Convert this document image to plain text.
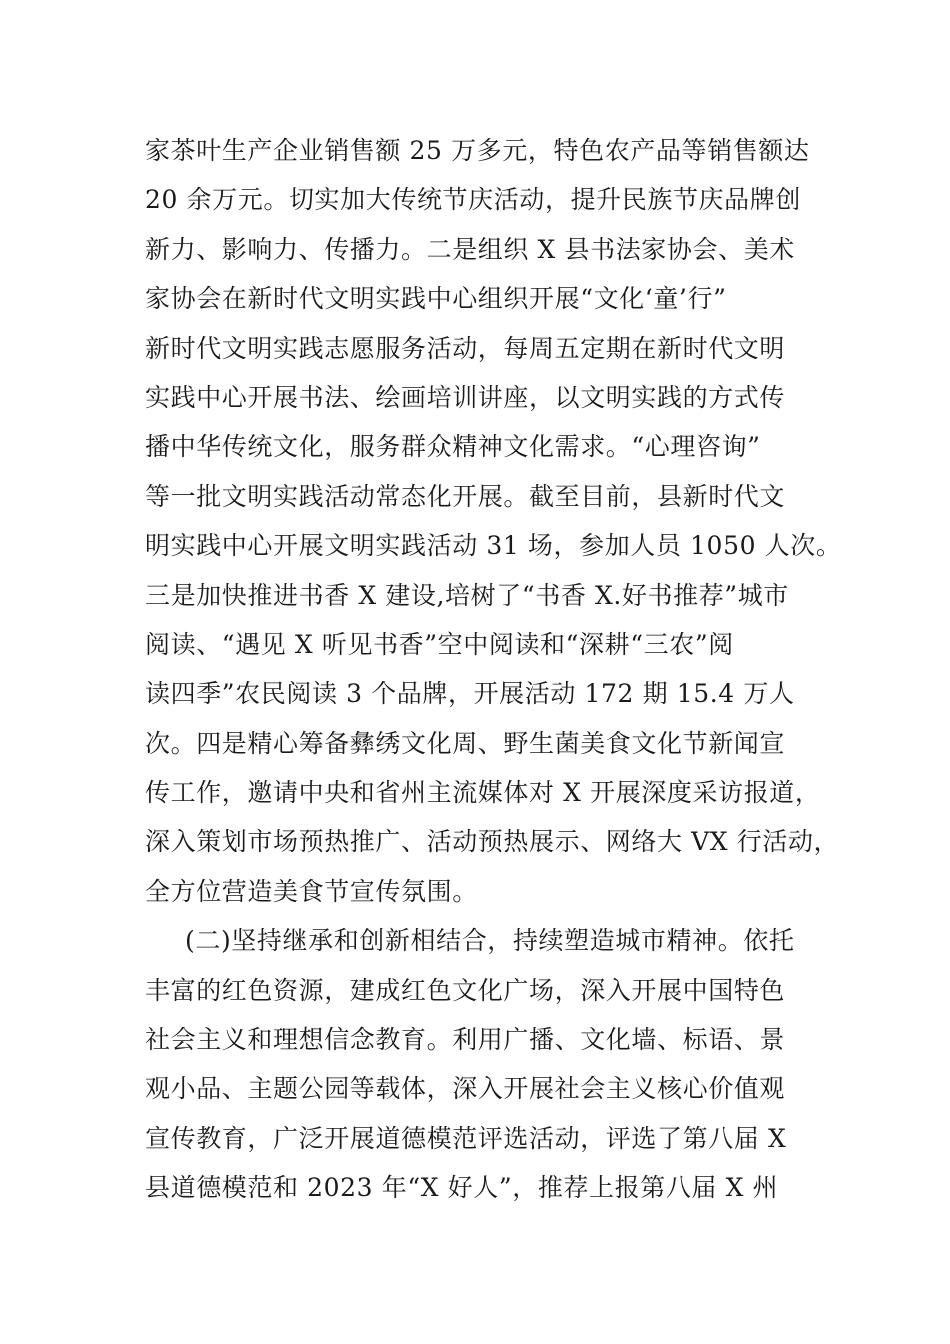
家茶叶生产企业销售额 25 万多元，特色农产品等销售额达
20 余万元。切实加大传统节庆活动，提升民族节庆品牌创
新力、影响力、传播力。二是组织 X 县书法家协会、美术
家协会在新时代文明实践中心组织开展“文化‘童’行”
新时代文明实践志愿服务活动，每周五定期在新时代文明
实践中心开展书法、绘画培训讲座，以文明实践的方式传
播中华传统文化，服务群众精神文化需求。“心理咨询”
等一批文明实践活动常态化开展。截至目前，县新时代文
明实践中心开展文明实践活动 31 场，参加人员 1050 人次。
三是加快推进书香 X 建设,培树了“书香 X.好书推荐”城市
阅读、“遇见 X 听见书香”空中阅读和“深耕“三农”阅
读四季”农民阅读 3 个品牌，开展活动 172 期 15.4 万人
次。四是精心筹备彝绣文化周、野生菌美食文化节新闻宣
传工作，邀请中央和省州主流媒体对 X 开展深度采访报道，
深入策划市场预热推广、活动预热展示、网络大 VX 行活动，
全方位营造美食节宣传氛围。
(二)坚持继承和创新相结合，持续塑造城市精神。依托
丰富的红色资源，建成红色文化广场，深入开展中国特色
社会主义和理想信念教育。利用广播、文化墙、标语、景
观小品、主题公园等载体，深入开展社会主义核心价值观
宣传教育，广泛开展道德模范评选活动，评选了第八届 X
县道德模范和 2023 年“X 好人”，推荐上报第八届 X 州
